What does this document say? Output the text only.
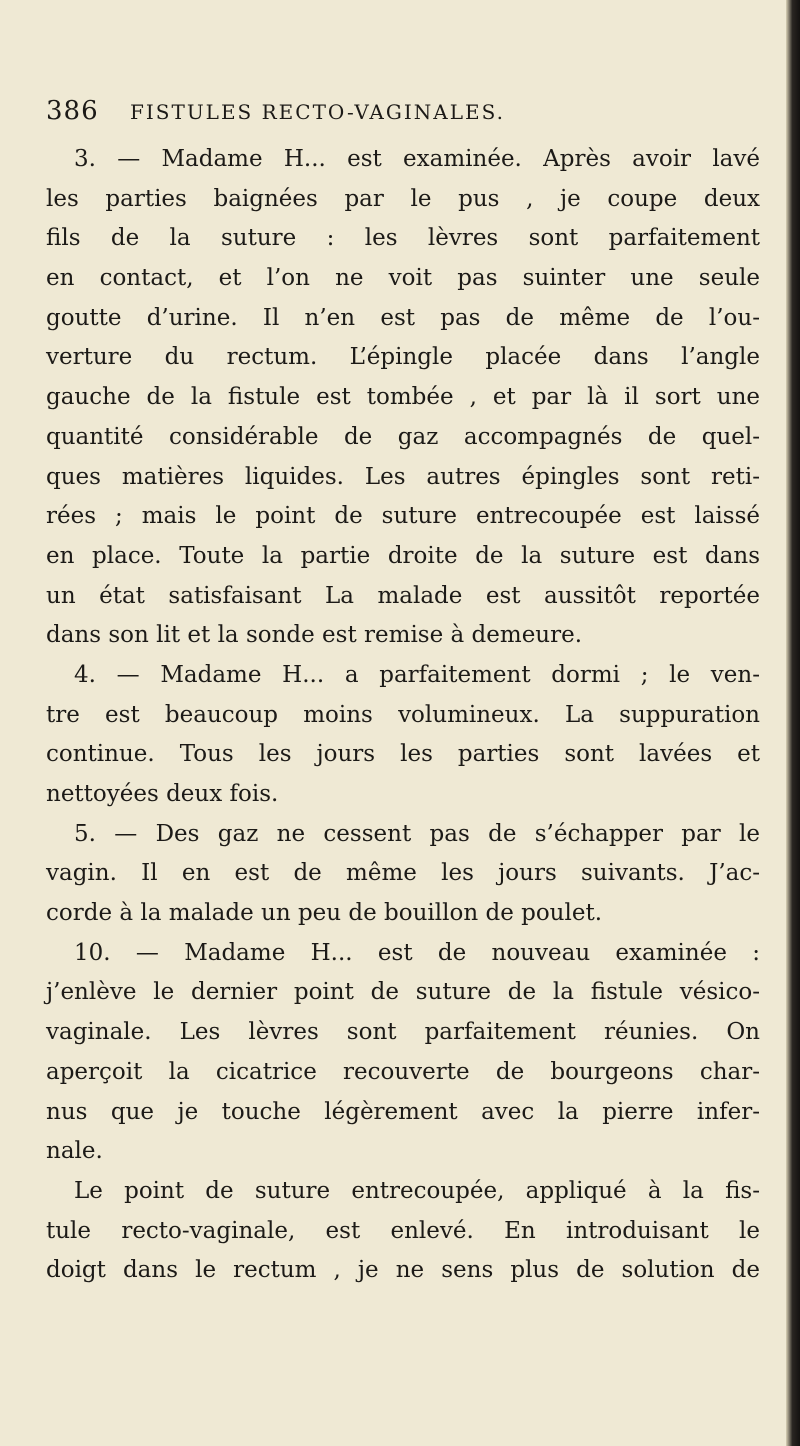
386 FISTULES RECTO-VAGINALES.
3. — Madame H... est examinée. Après avoir lavé
les parties baignées par le pus , je coupe deux
fils de la suture : les lèvres sont parfaitement
en contact, et l’on ne voit pas suinter une seule
goutte d’urine. Il n’en est pas de même de l’ou-
verture du rectum. L’épingle placée dans l’angle
gauche de la fistule est tombée , et par là il sort une
quantité considérable de gaz accompagnés de quel-
ques matières liquides. Les autres épingles sont reti-
rées ; mais le point de suture entrecoupée est laissé
en place. Toute la partie droite de la suture est dans
un état satisfaisant La malade est aussitôt reportée
dans son lit et la sonde est remise à demeure.
4. — Madame H... a parfaitement dormi ; le ven-
tre est beaucoup moins volumineux. La suppuration
continue. Tous les jours les parties sont lavées et
nettoyées deux fois.
5. — Des gaz ne cessent pas de s’échapper par le
vagin. Il en est de même les jours suivants. J’ac-
corde à la malade un peu de bouillon de poulet.
10. — Madame H... est de nouveau examinée :
j’enlève le dernier point de suture de la fistule vésico-
vaginale. Les lèvres sont parfaitement réunies. On
aperçoit la cicatrice recouverte de bourgeons char-
nus que je touche légèrement avec la pierre infer-
nale.
Le point de suture entrecoupée, appliqué à la fis-
tule recto-vaginale, est enlevé. En introduisant le
doigt dans le rectum , je ne sens plus de solution de
